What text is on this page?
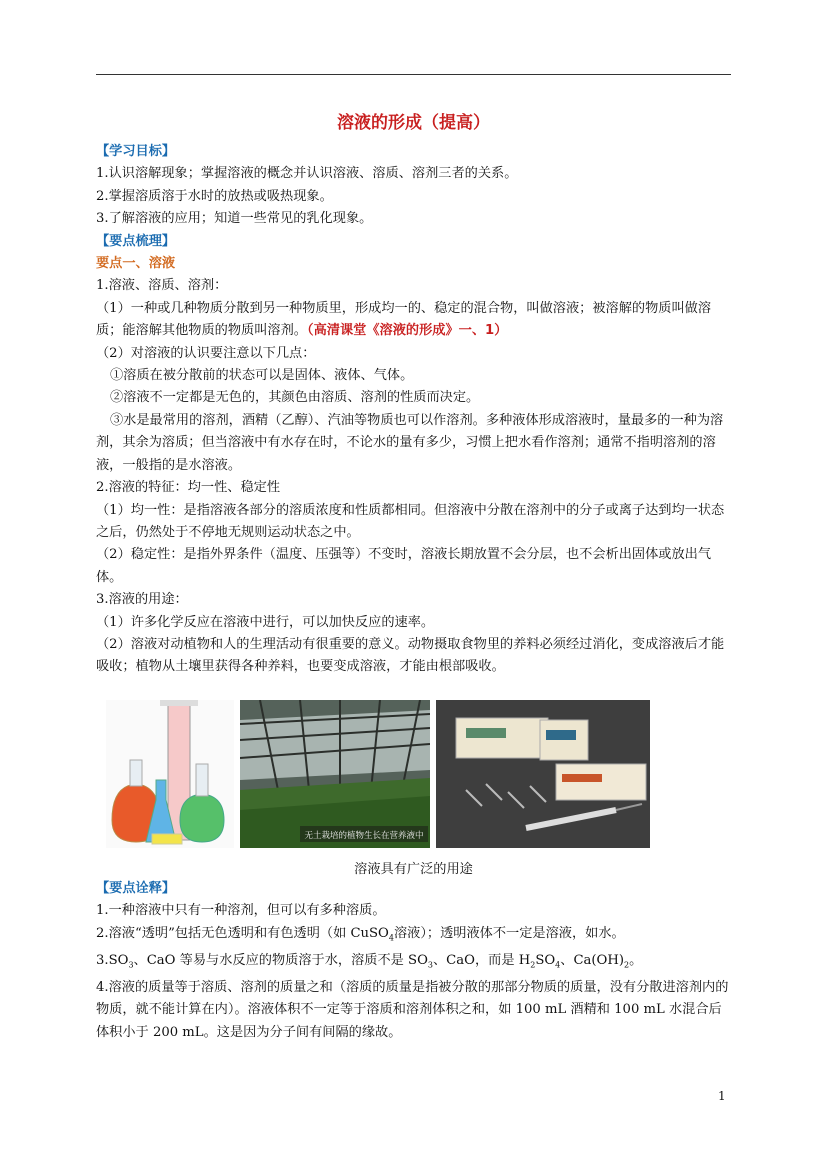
溶液的形成（提高）

【学习目标】

1.认识溶解现象；掌握溶液的概念并认识溶液、溶质、溶剂三者的关系。

2.掌握溶质溶于水时的放热或吸热现象。

3.了解溶液的应用；知道一些常见的乳化现象。

【要点梳理】

要点一、溶液

1.溶液、溶质、溶剂：

（1）一种或几种物质分散到另一种物质里，形成均一的、稳定的混合物，叫做溶液；被溶解的物质叫做溶质；能溶解其他物质的物质叫溶剂。（高清课堂《溶液的形成》一、1）

（2）对溶液的认识要注意以下几点：

①溶质在被分散前的状态可以是固体、液体、气体。

②溶液不一定都是无色的，其颜色由溶质、溶剂的性质而决定。

③水是最常用的溶剂，酒精（乙醇）、汽油等物质也可以作溶剂。多种液体形成溶液时，量最多的一种为溶剂，其余为溶质；但当溶液中有水存在时，不论水的量有多少，习惯上把水看作溶剂；通常不指明溶剂的溶液，一般指的是水溶液。

2.溶液的特征：均一性、稳定性

（1）均一性：是指溶液各部分的溶质浓度和性质都相同。但溶液中分散在溶剂中的分子或离子达到均一状态之后，仍然处于不停地无规则运动状态之中。

（2）稳定性：是指外界条件（温度、压强等）不变时，溶液长期放置不会分层，也不会析出固体或放出气体。

3.溶液的用途：

（1）许多化学反应在溶液中进行，可以加快反应的速率。

（2）溶液对动植物和人的生理活动有很重要的意义。动物摄取食物里的养料必须经过消化，变成溶液后才能吸收；植物从土壤里获得各种养料，也要变成溶液，才能由根部吸收。

无土栽培的植物生长在营养液中
溶液具有广泛的用途

【要点诠释】

1.一种溶液中只有一种溶剂，但可以有多种溶质。

2.溶液“透明”包括无色透明和有色透明（如 CuSO$_4$溶液）；透明液体不一定是溶液，如水。

$3.SO_3$、CaO 等易与水反应的物质溶于水，溶质不是 $SO_3$、CaO，而是 $H_2SO_4$、$Ca(OH)_2$。

4.溶液的质量等于溶质、溶剂的质量之和（溶质的质量是指被分散的那部分物质的质量，没有分散进溶剂内的物质，就不能计算在内）。溶液体积不一定等于溶质和溶剂体积之和，如 100 mL 酒精和 100 mL 水混合后体积小于 200 mL。这是因为分子间有间隔的缘故。

1
